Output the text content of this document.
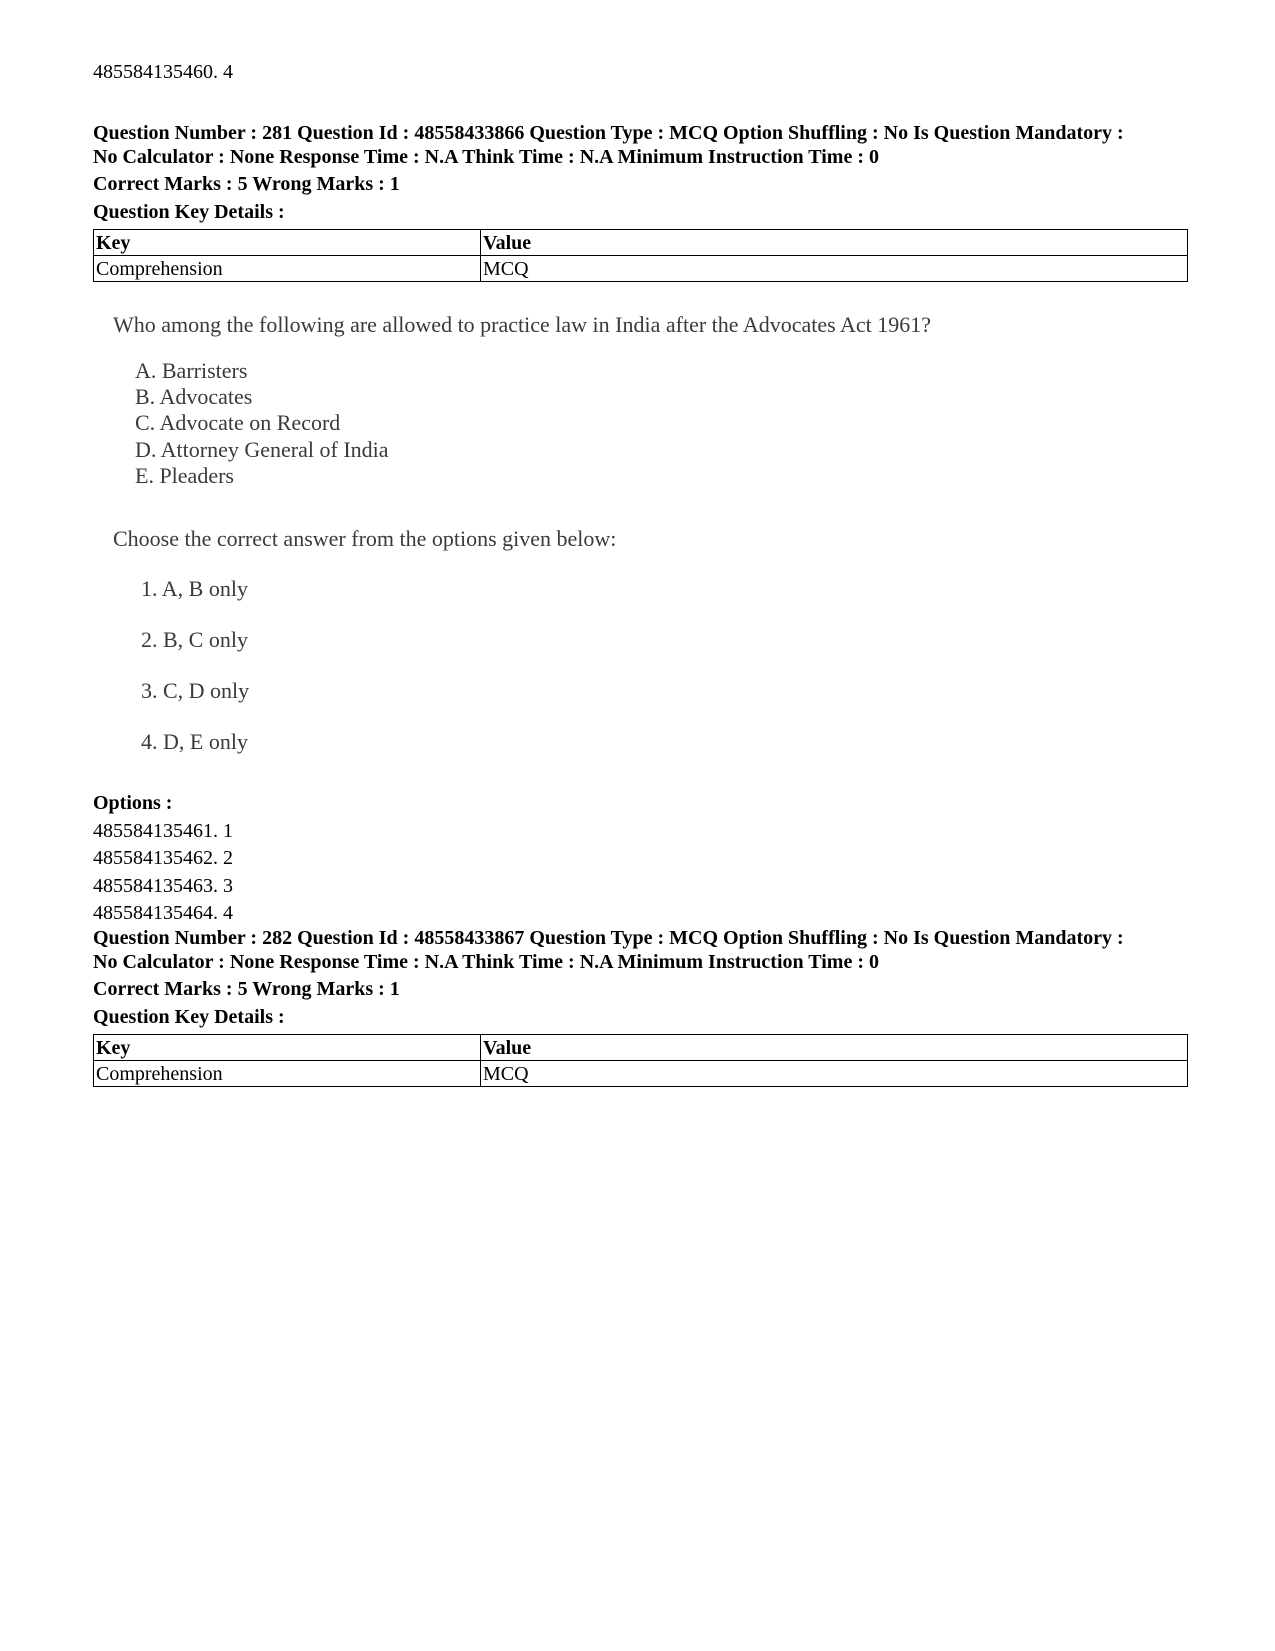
485584135460. 4
Question Number : 281 Question Id : 48558433866 Question Type : MCQ Option Shuffling : No Is Question Mandatory :
No Calculator : None Response Time : N.A Think Time : N.A Minimum Instruction Time : 0
Correct Marks : 5 Wrong Marks : 1
Question Key Details :
Key	Value
Comprehension	MCQ
Who among the following are allowed to practice law in India after the Advocates Act 1961?
A. Barristers
B. Advocates
C. Advocate on Record
D. Attorney General of India
E. Pleaders
Choose the correct answer from the options given below:
1. A, B only
2. B, C only
3. C, D only
4. D, E only
Options :
485584135461. 1
485584135462. 2
485584135463. 3
485584135464. 4
Question Number : 282 Question Id : 48558433867 Question Type : MCQ Option Shuffling : No Is Question Mandatory :
No Calculator : None Response Time : N.A Think Time : N.A Minimum Instruction Time : 0
Correct Marks : 5 Wrong Marks : 1
Question Key Details :
Key	Value
Comprehension	MCQ
